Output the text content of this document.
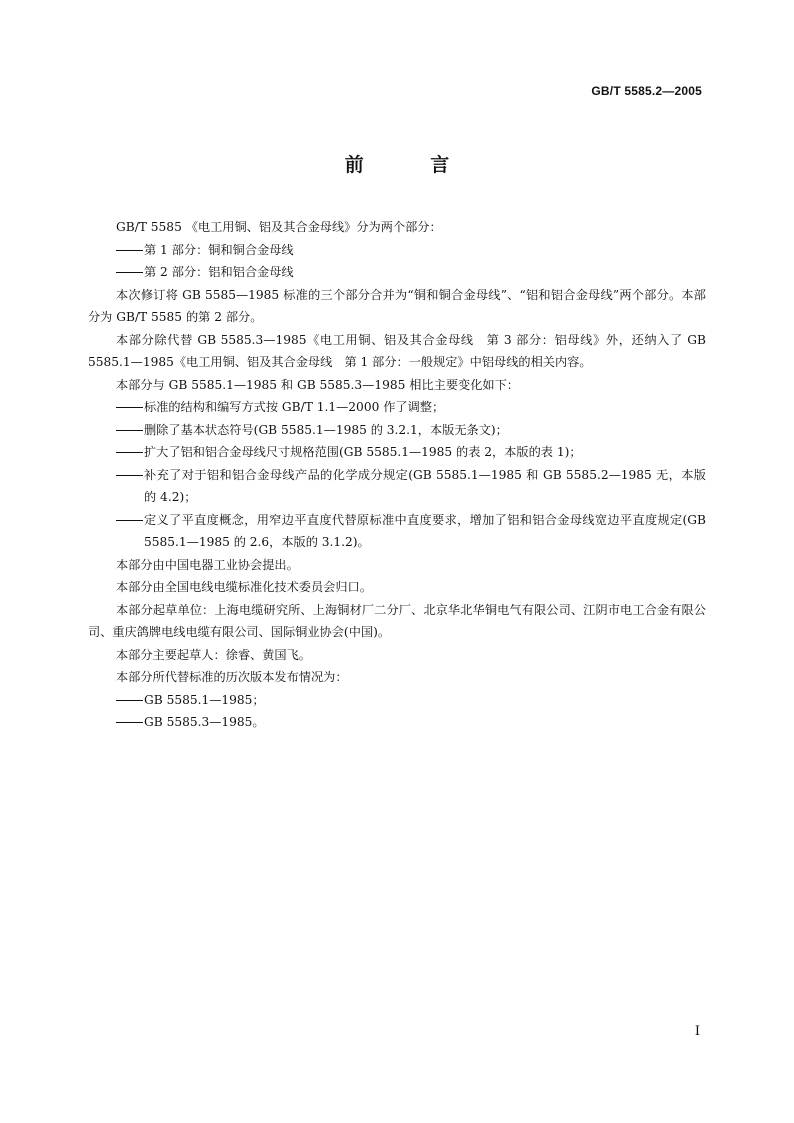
GB/T 5585.2—2005
前 言

GB/T 5585 《电工用铜、铝及其合金母线》分为两个部分：

第 1 部分：铜和铜合金母线

第 2 部分：铝和铝合金母线

本次修订将 GB 5585—1985 标准的三个部分合并为“铜和铜合金母线”、“铝和铝合金母线”两个部分。本部分为 GB/T 5585 的第 2 部分。

本部分除代替 GB 5585.3—1985《电工用铜、铝及其合金母线　第 3 部分：铝母线》外，还纳入了 GB 5585.1—1985《电工用铜、铝及其合金母线　第 1 部分：一般规定》中铝母线的相关内容。

本部分与 GB 5585.1—1985 和 GB 5585.3—1985 相比主要变化如下：

标准的结构和编写方式按 GB/T 1.1—2000 作了调整；

删除了基本状态符号(GB 5585.1—1985 的 3.2.1，本版无条文)；

扩大了铝和铝合金母线尺寸规格范围(GB 5585.1—1985 的表 2，本版的表 1)；

补充了对于铝和铝合金母线产品的化学成分规定(GB 5585.1—1985 和 GB 5585.2—1985 无，本版的 4.2)；

定义了平直度概念，用窄边平直度代替原标准中直度要求，增加了铝和铝合金母线宽边平直度规定(GB 5585.1—1985 的 2.6，本版的 3.1.2)。

本部分由中国电器工业协会提出。

本部分由全国电线电缆标准化技术委员会归口。

本部分起草单位：上海电缆研究所、上海铜材厂二分厂、北京华北华铜电气有限公司、江阴市电工合金有限公司、重庆鸽牌电线电缆有限公司、国际铜业协会(中国)。

本部分主要起草人：徐睿、黄国飞。

本部分所代替标准的历次版本发布情况为：

GB 5585.1—1985；

GB 5585.3—1985。

I
